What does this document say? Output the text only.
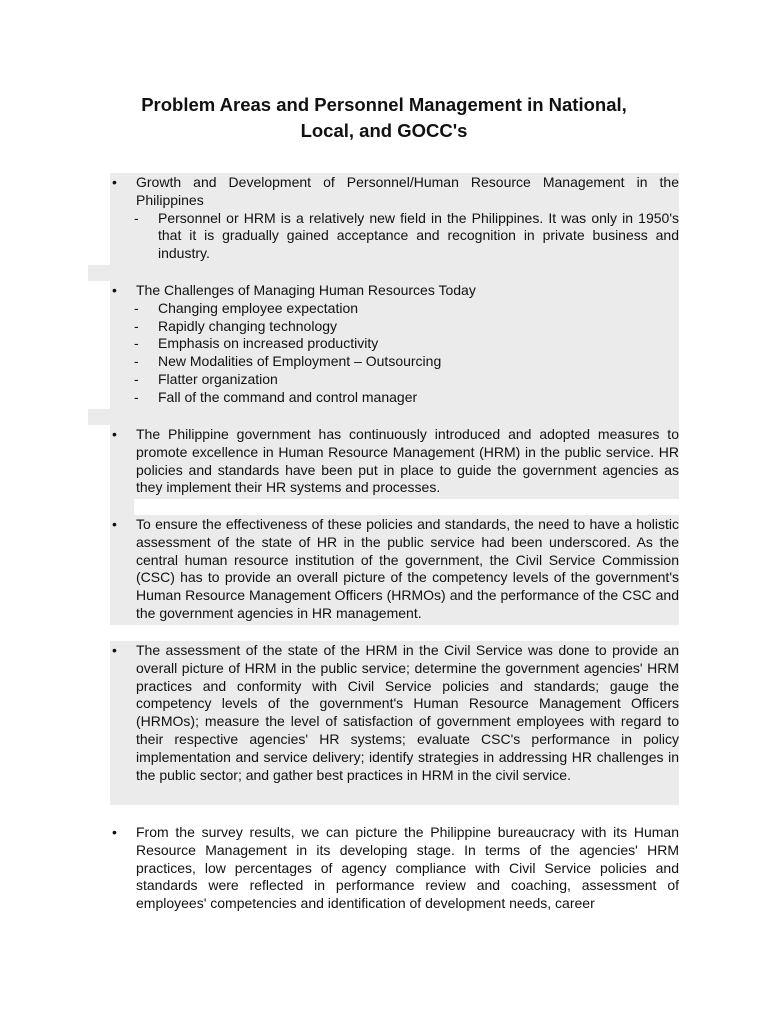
Problem Areas and Personnel Management in National,
Local, and GOCC's
• Growth and Development of Personnel/Human Resource Management in the Philippines
- Personnel or HRM is a relatively new field in the Philippines. It was only in 1950's that it is gradually gained acceptance and recognition in private business and industry.
• The Challenges of Managing Human Resources Today
- Changing employee expectation
- Rapidly changing technology
- Emphasis on increased productivity
- New Modalities of Employment – Outsourcing
- Flatter organization
- Fall of the command and control manager
• The Philippine government has continuously introduced and adopted measures to promote excellence in Human Resource Management (HRM) in the public service. HR policies and standards have been put in place to guide the government agencies as they implement their HR systems and processes.
• To ensure the effectiveness of these policies and standards, the need to have a holistic assessment of the state of HR in the public service had been underscored. As the central human resource institution of the government, the Civil Service Commission (CSC) has to provide an overall picture of the competency levels of the government's Human Resource Management Officers (HRMOs) and the performance of the CSC and the government agencies in HR management.
• The assessment of the state of the HRM in the Civil Service was done to provide an overall picture of HRM in the public service; determine the government agencies' HRM practices and conformity with Civil Service policies and standards; gauge the competency levels of the government's Human Resource Management Officers (HRMOs); measure the level of satisfaction of government employees with regard to their respective agencies' HR systems; evaluate CSC's performance in policy implementation and service delivery; identify strategies in addressing HR challenges in the public sector; and gather best practices in HRM in the civil service.
• From the survey results, we can picture the Philippine bureaucracy with its Human Resource Management in its developing stage. In terms of the agencies' HRM practices, low percentages of agency compliance with Civil Service policies and standards were reflected in performance review and coaching, assessment of employees' competencies and identification of development needs, career
